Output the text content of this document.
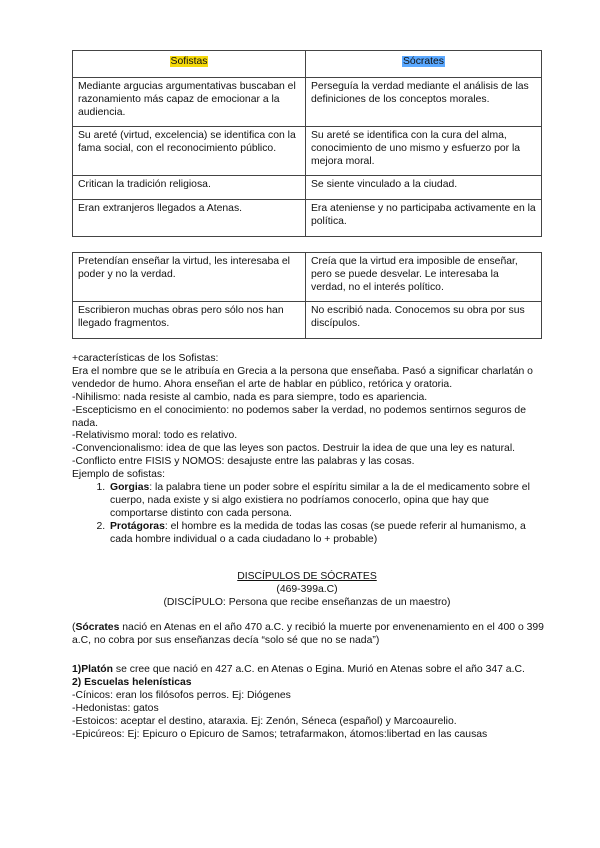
Sofistas	Sócrates
Mediante argucias argumentativas buscaban el razonamiento más capaz de emocionar a la audiencia.	Perseguía la verdad mediante el análisis de las definiciones de los conceptos morales.
Su areté (virtud, excelencia) se identifica con la fama social, con el reconocimiento público.	Su areté se identifica con la cura del alma, conocimiento de uno mismo y esfuerzo por la mejora moral.
Critican la tradición religiosa.	Se siente vinculado a la ciudad.
Eran extranjeros llegados a Atenas.	Era ateniense y no participaba activamente en la política.
Pretendían enseñar la virtud, les interesaba el poder y no la verdad.	Creía que la virtud era imposible de enseñar, pero se puede desvelar. Le interesaba la verdad, no el interés político.
Escribieron muchas obras pero sólo nos han llegado fragmentos.	No escribió nada. Conocemos su obra por sus discípulos.

+características de los Sofistas:

Era el nombre que se le atribuía en Grecia a la persona que enseñaba. Pasó a significar charlatán o vendedor de humo. Ahora enseñan el arte de hablar en público, retórica y oratoria.

-Nihilismo: nada resiste al cambio, nada es para siempre, todo es apariencia.

-Escepticismo en el conocimiento: no podemos saber la verdad, no podemos sentirnos seguros de nada.

-Relativismo moral: todo es relativo.

-Convencionalismo: idea de que las leyes son pactos. Destruir la idea de que una ley es natural.

-Conflicto entre FISIS y NOMOS: desajuste entre las palabras y las cosas.

Ejemplo de sofistas:

1. Gorgias: la palabra tiene un poder sobre el espíritu similar a la de el medicamento sobre el cuerpo, nada existe y si algo existiera no podríamos conocerlo, opina que hay que comportarse distinto con cada persona.
2. Protágoras: el hombre es la medida de todas las cosas (se puede referir al humanismo, a cada hombre individual o a cada ciudadano lo + probable)

DISCÍPULOS DE SÓCRATES

(469-399a.C)

(DISCÍPULO: Persona que recibe enseñanzas de un maestro)

(Sócrates nació en Atenas en el año 470 a.C. y recibió la muerte por envenenamiento en el 400 o 399 a.C, no cobra por sus enseñanzas decía “solo sé que no se nada”)

1)Platón se cree que nació en 427 a.C. en Atenas o Egina. Murió en Atenas sobre el año 347 a.C.

2) Escuelas helenísticas

-Cínicos: eran los filósofos perros. Ej: Diógenes

-Hedonistas: gatos

-Estoicos: aceptar el destino, ataraxia. Ej: Zenón, Séneca (español) y Marcoaurelio.

-Epicúreos: Ej: Epicuro o Epicuro de Samos; tetrafarmakon, átomos:libertad en las causas
